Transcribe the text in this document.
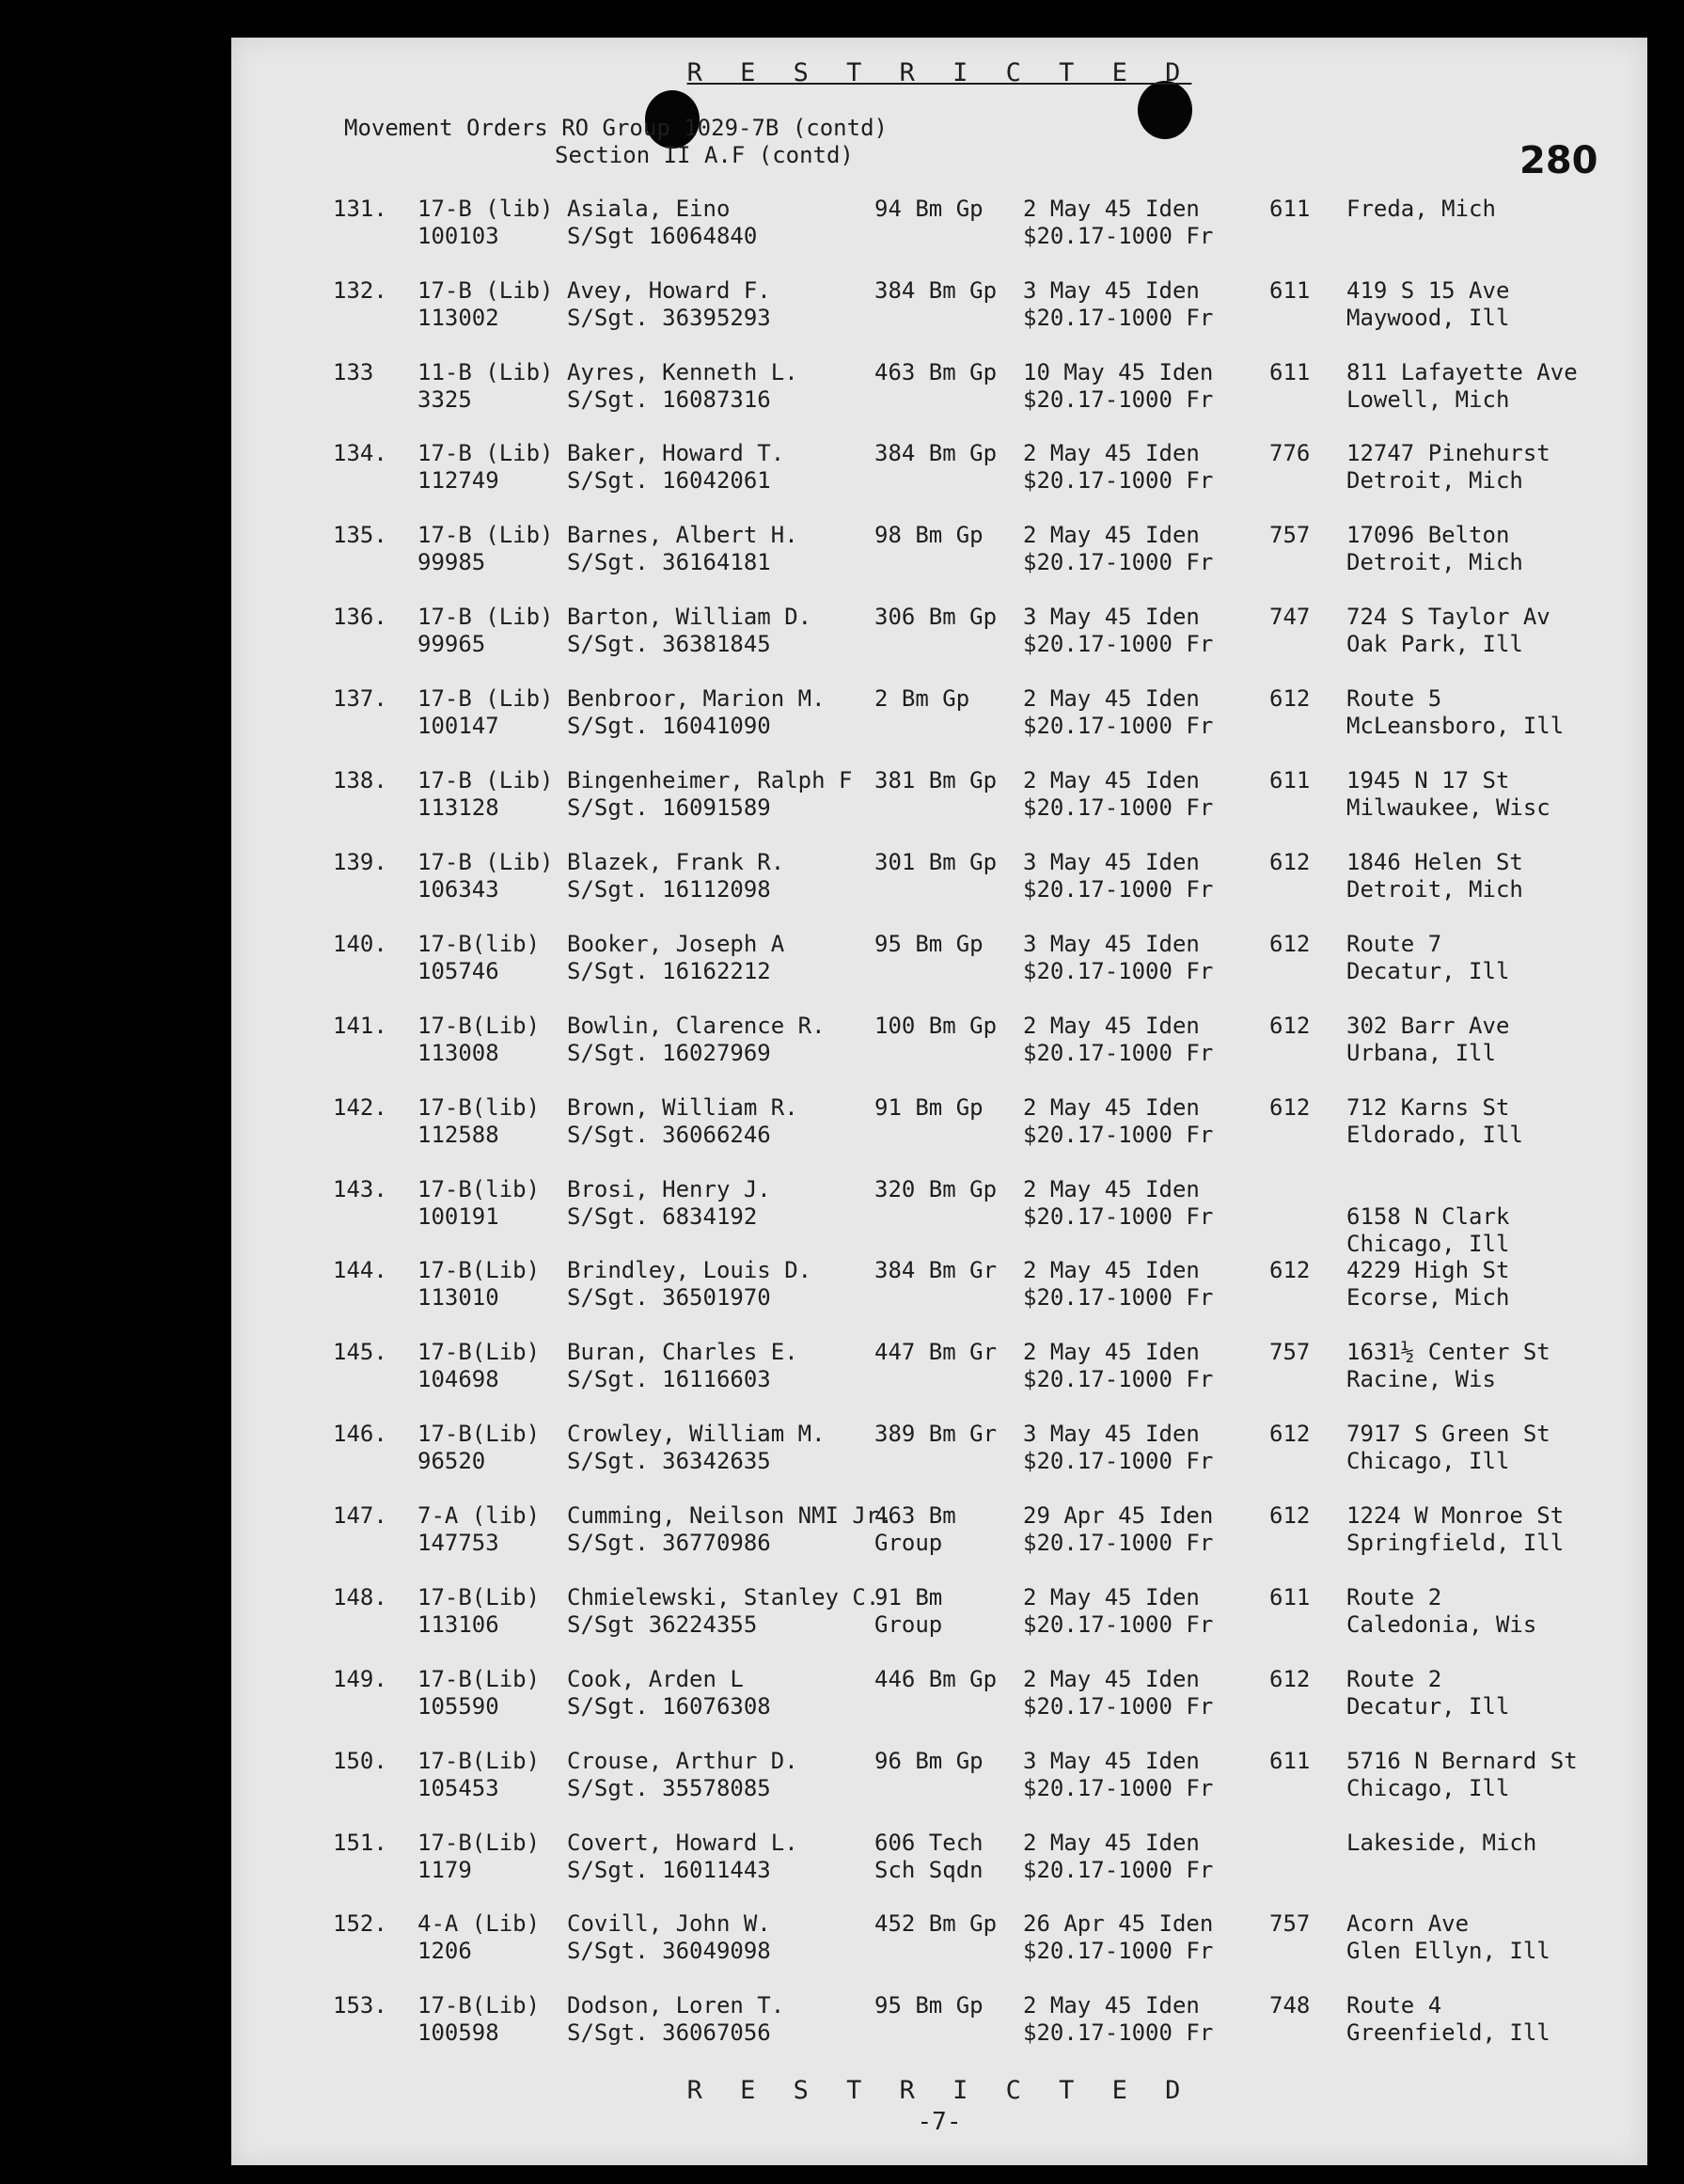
R E S T R I C T E D
Movement Orders RO Group 1029-7B (contd)
Section II A.F (contd)	280
131. 17-B (lib)
100103
Asiala, Eino
S/Sgt 16064840
94 Bm Gp 2 May 45 Iden
$20.17-1000 Fr
611 Freda, Mich
132. 17-B (Lib)
113002
Avey, Howard F.
S/Sgt. 36395293
384 Bm Gp 3 May 45 Iden
$20.17-1000 Fr
611 419 S 15 Ave
Maywood, Ill
133 11-B (Lib)
3325
Ayres, Kenneth L.
S/Sgt. 16087316
463 Bm Gp 10 May 45 Iden
$20.17-1000 Fr
611 811 Lafayette Ave
Lowell, Mich
134. 17-B (Lib)
112749
Baker, Howard T.
S/Sgt. 16042061
384 Bm Gp 2 May 45 Iden
$20.17-1000 Fr
776 12747 Pinehurst
Detroit, Mich
135. 17-B (Lib)
99985
Barnes, Albert H.
S/Sgt. 36164181
98 Bm Gp 2 May 45 Iden
$20.17-1000 Fr
757 17096 Belton
Detroit, Mich
136. 17-B (Lib)
99965
Barton, William D.
S/Sgt. 36381845
306 Bm Gp 3 May 45 Iden
$20.17-1000 Fr
747 724 S Taylor Av
Oak Park, Ill
137. 17-B (Lib)
100147
Benbroor, Marion M.
S/Sgt. 16041090
2 Bm Gp 2 May 45 Iden
$20.17-1000 Fr
612 Route 5
McLeansboro, Ill
138. 17-B (Lib)
113128
Bingenheimer, Ralph F
S/Sgt. 16091589
381 Bm Gp 2 May 45 Iden
$20.17-1000 Fr
611 1945 N 17 St
Milwaukee, Wisc
139. 17-B (Lib)
106343
Blazek, Frank R.
S/Sgt. 16112098
301 Bm Gp 3 May 45 Iden
$20.17-1000 Fr
612 1846 Helen St
Detroit, Mich
140. 17-B(lib)
105746
Booker, Joseph A
S/Sgt. 16162212
95 Bm Gp 3 May 45 Iden
$20.17-1000 Fr
612 Route 7
Decatur, Ill
141. 17-B(Lib)
113008
Bowlin, Clarence R.
S/Sgt. 16027969
100 Bm Gp 2 May 45 Iden
$20.17-1000 Fr
612 302 Barr Ave
Urbana, Ill
142. 17-B(lib)
112588
Brown, William R.
S/Sgt. 36066246
91 Bm Gp 2 May 45 Iden
$20.17-1000 Fr
612 712 Karns St
Eldorado, Ill
143. 17-B(lib)
100191
Brosi, Henry J.
S/Sgt. 6834192
320 Bm Gp 2 May 45 Iden
$20.17-1000 Fr	6158 N Clark
Chicago, Ill
144. 17-B(Lib)
113010
Brindley, Louis D.
S/Sgt. 36501970
384 Bm Gr 2 May 45 Iden
$20.17-1000 Fr
612 4229 High St
Ecorse, Mich
145. 17-B(Lib)
104698
Buran, Charles E.
S/Sgt. 16116603
447 Bm Gr 2 May 45 Iden
$20.17-1000 Fr
757 1631½ Center St
Racine, Wis
146. 17-B(Lib)
96520
Crowley, William M.
S/Sgt. 36342635
389 Bm Gr 3 May 45 Iden
$20.17-1000 Fr
612 7917 S Green St
Chicago, Ill
147. 7-A (lib)
147753
Cumming, Neilson NMI Jr.
S/Sgt. 36770986
463 Bm
Group
29 Apr 45 Iden
$20.17-1000 Fr
612 1224 W Monroe St
Springfield, Ill
148. 17-B(Lib)
113106
Chmielewski, Stanley C.
S/Sgt 36224355
91 Bm
Group
2 May 45 Iden
$20.17-1000 Fr
611 Route 2
Caledonia, Wis
149. 17-B(Lib)
105590
Cook, Arden L
S/Sgt. 16076308
446 Bm Gp 2 May 45 Iden
$20.17-1000 Fr
612 Route 2
Decatur, Ill
150. 17-B(Lib)
105453
Crouse, Arthur D.
S/Sgt. 35578085
96 Bm Gp 3 May 45 Iden
$20.17-1000 Fr
611 5716 N Bernard St
Chicago, Ill
151. 17-B(Lib)
1179
Covert, Howard L.
S/Sgt. 16011443
606 Tech
Sch Sqdn
2 May 45 Iden
$20.17-1000 Fr
Lakeside, Mich
152. 4-A (Lib)
1206
Covill, John W.
S/Sgt. 36049098
452 Bm Gp 26 Apr 45 Iden
$20.17-1000 Fr
757 Acorn Ave
Glen Ellyn, Ill
153. 17-B(Lib)
100598
Dodson, Loren T.
S/Sgt. 36067056
95 Bm Gp 2 May 45 Iden
$20.17-1000 Fr
748 Route 4
Greenfield, Ill
R E S T R I C T E D
-7-
